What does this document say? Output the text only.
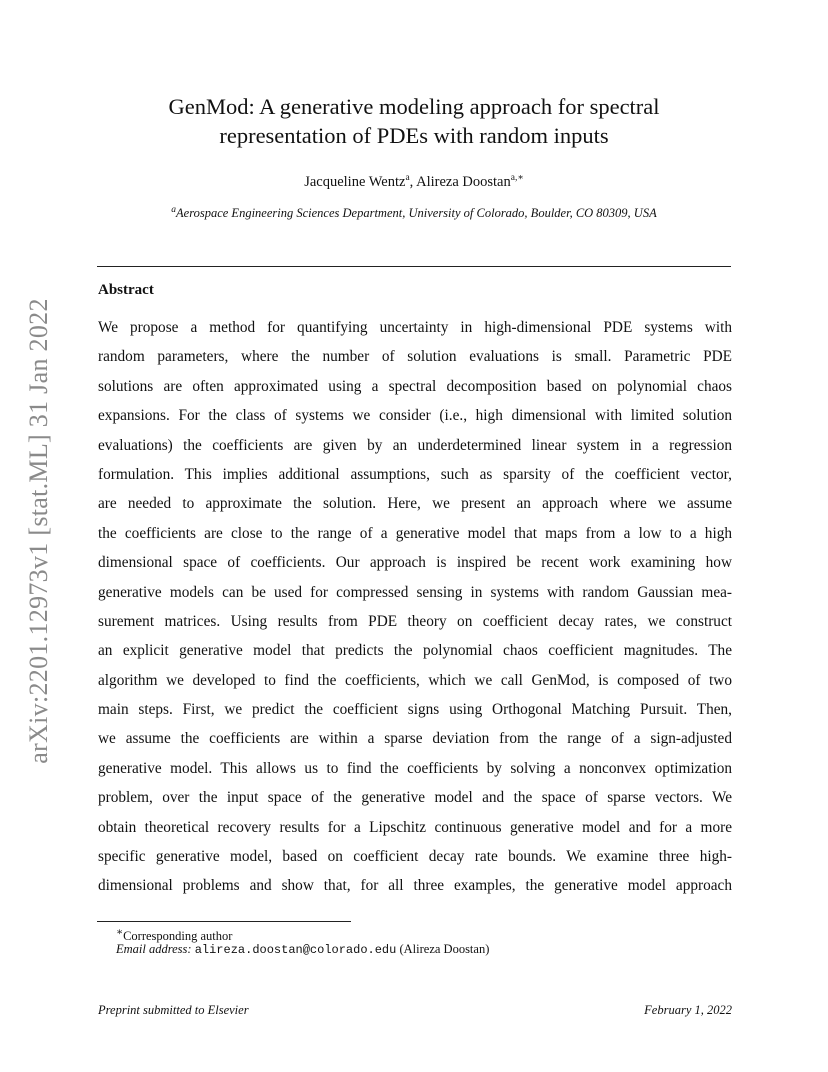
arXiv:2201.12973v1 [stat.ML] 31 Jan 2022
GenMod: A generative modeling approach for spectral
representation of PDEs with random inputs
Jacqueline Wentz$^a$, Alireza Doostan$^{a,∗}$
$^a$Aerospace Engineering Sciences Department, University of Colorado, Boulder, CO 80309, USA
Abstract
We propose a method for quantifying uncertainty in high-dimensional PDE systems with
random parameters, where the number of solution evaluations is small. Parametric PDE
solutions are often approximated using a spectral decomposition based on polynomial chaos
expansions. For the class of systems we consider (i.e., high dimensional with limited solution
evaluations) the coefficients are given by an underdetermined linear system in a regression
formulation. This implies additional assumptions, such as sparsity of the coefficient vector,
are needed to approximate the solution. Here, we present an approach where we assume
the coefficients are close to the range of a generative model that maps from a low to a high
dimensional space of coefficients. Our approach is inspired be recent work examining how
generative models can be used for compressed sensing in systems with random Gaussian mea-
surement matrices. Using results from PDE theory on coefficient decay rates, we construct
an explicit generative model that predicts the polynomial chaos coefficient magnitudes. The
algorithm we developed to find the coefficients, which we call GenMod, is composed of two
main steps. First, we predict the coefficient signs using Orthogonal Matching Pursuit. Then,
we assume the coefficients are within a sparse deviation from the range of a sign-adjusted
generative model. This allows us to find the coefficients by solving a nonconvex optimization
problem, over the input space of the generative model and the space of sparse vectors. We
obtain theoretical recovery results for a Lipschitz continuous generative model and for a more
specific generative model, based on coefficient decay rate bounds. We examine three high-
dimensional problems and show that, for all three examples, the generative model approach
∗Corresponding author
Email address: alireza.doostan@colorado.edu (Alireza Doostan)
Preprint submitted to Elsevier	February 1, 2022
